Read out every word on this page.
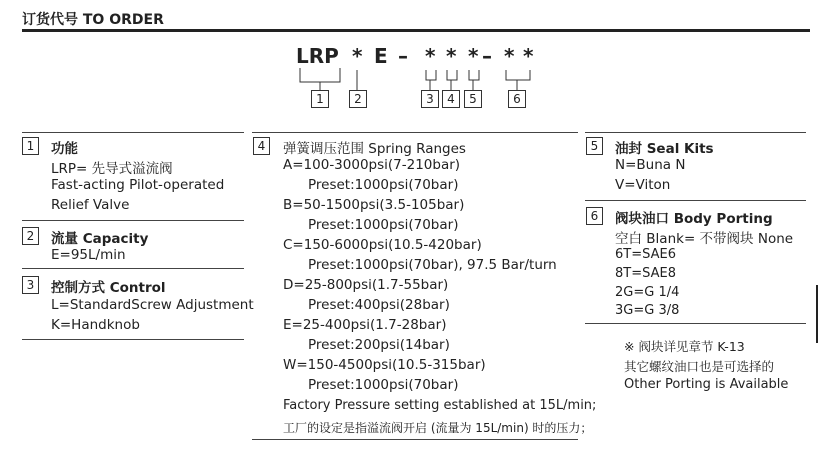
订货代号 TO ORDER
LRP * E – * * * – * *
1	2	3	4	5	6
1	功能
LRP= 先导式溢流阀
Fast-acting Pilot-operated
Relief Valve
2	流量 Capacity
E=95L/min
3	控制方式 Control
L=StandardScrew Adjustment
K=Handknob
4	弹簧调压范围 Spring Ranges
A=100-3000psi(7-210bar)
Preset:1000psi(70bar)
B=50-1500psi(3.5-105bar)
Preset:1000psi(70bar)
C=150-6000psi(10.5-420bar)
Preset:1000psi(70bar), 97.5 Bar/turn
D=25-800psi(1.7-55bar)
Preset:400psi(28bar)
E=25-400psi(1.7-28bar)
Preset:200psi(14bar)
W=150-4500psi(10.5-315bar)
Preset:1000psi(70bar)
Factory Pressure setting established at 15L/min;
工厂的设定是指溢流阀开启 (流量为 15L/min) 时的压力；
5	油封 Seal Kits
N=Buna N
V=Viton
6	阀块油口 Body Porting
空白 Blank= 不带阀块 None
6T=SAE6
8T=SAE8
2G=G 1/4
3G=G 3/8
※ 阀块详见章节 K-13
其它螺纹油口也是可选择的
Other Porting is Available
